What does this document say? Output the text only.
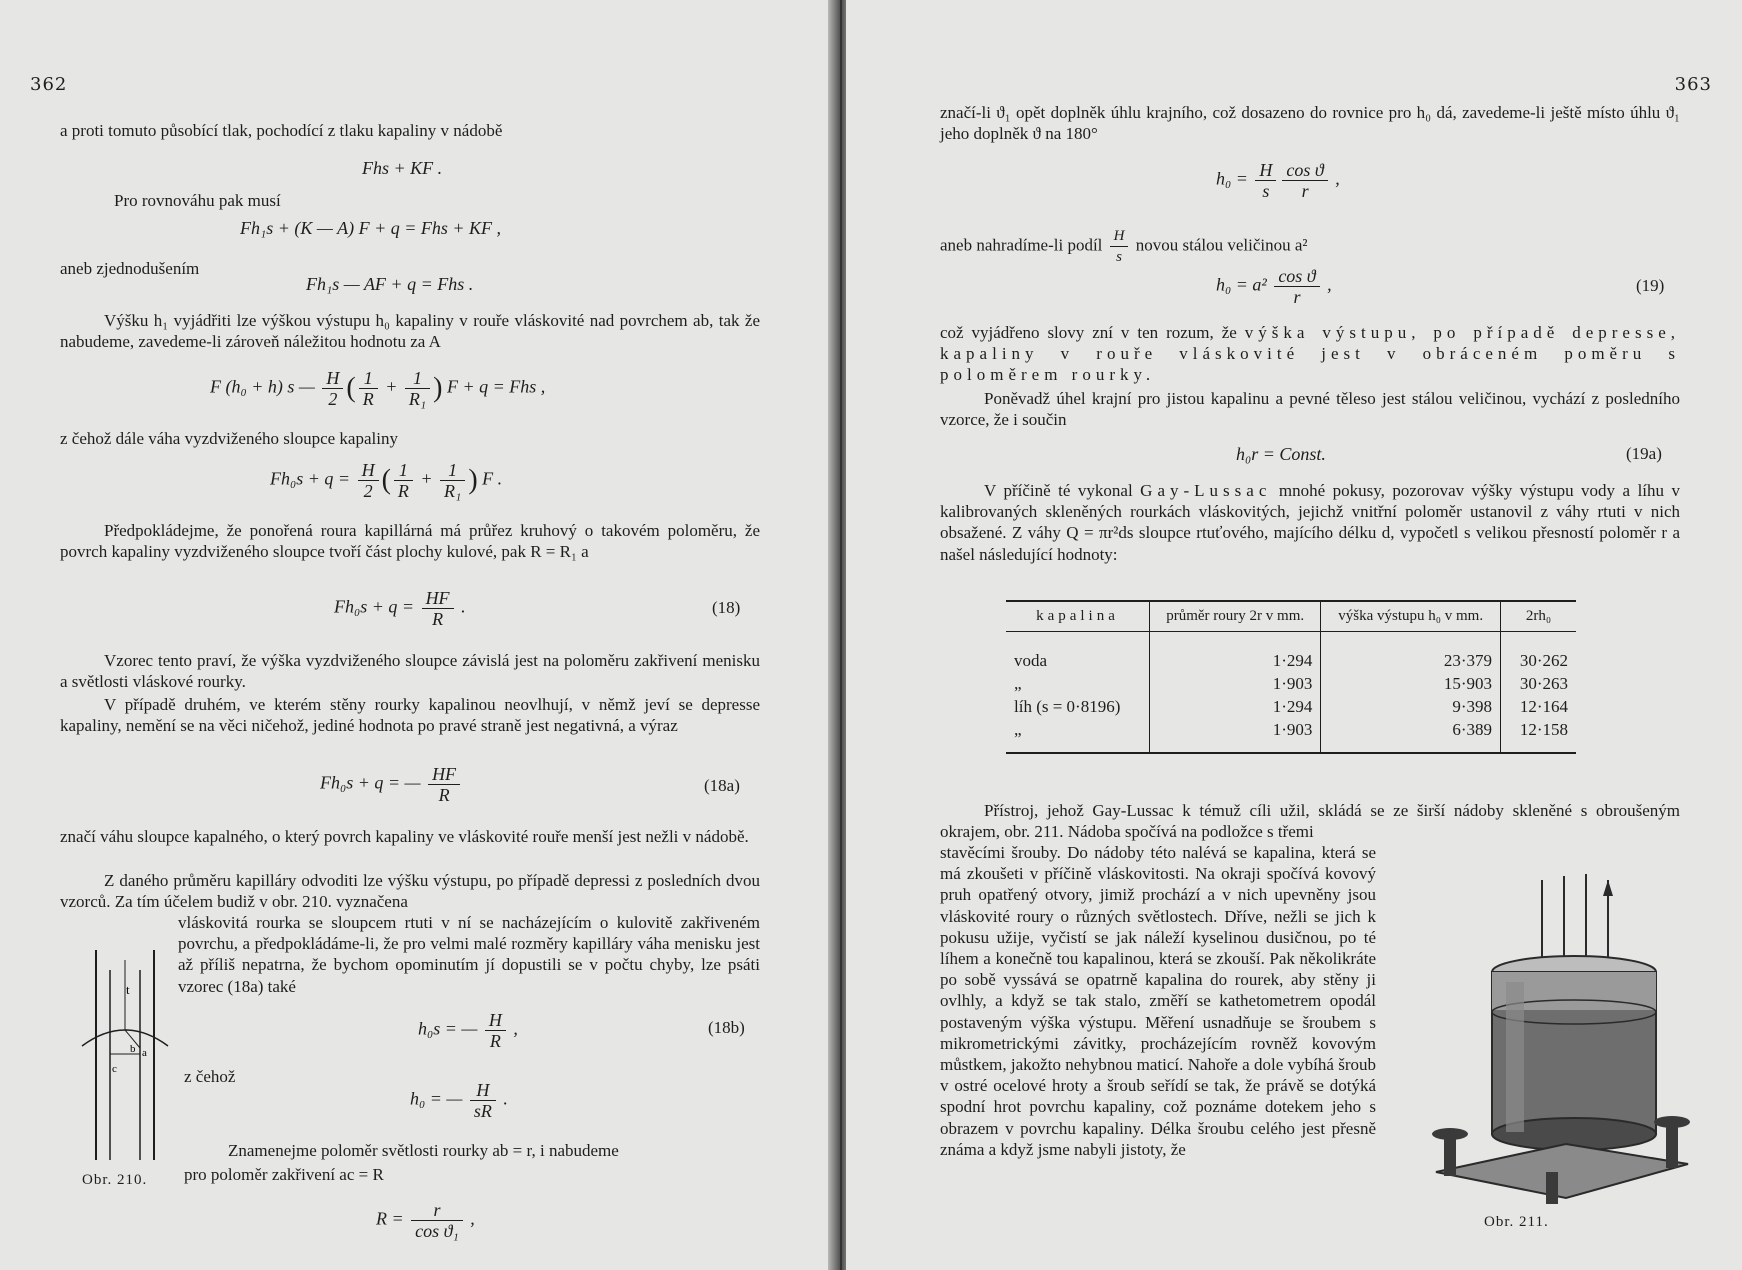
362
a proti tomuto působící tlak, pochodící z tlaku kapaliny v nádobě
Fhs + KF .
Pro rovnováhu pak musí
Fh₁s + (K — A) F + q = Fhs + KF ,
aneb zjednodušením
Fh₁s — AF + q = Fhs .
Výšku h₁ vyjádřiti lze výškou výstupu h₀ kapaliny v rouře vláskovité nad povrchem ab, tak že nabudeme, zavedeme-li zároveň náležitou hodnotu za A
F (h₀ + h) s — $\frac{H}{2}$ ( $\frac{1}{R} + \frac{1}{\text{R₁}}$ ) F + q = Fhs ,
z čehož dále váha vyzdviženého sloupce kapaliny
$Fh_0s + q = \frac{H}{2}$ ( $\frac{1}{R} + \frac{1}{\text{R₁}}$ ) F .
Předpokládejme, že ponořená roura kapillárná má průřez kruhový o takovém poloměru, že povrch kapaliny vyzdviženého sloupce tvoří část plochy kulové, pak R = R₁ a
$Fh_0s + q = \frac{HF}{R}$ .	(18)
Vzorec tento praví, že výška vyzdviženého sloupce závislá jest na poloměru zakřivení menisku a světlosti vláskové rourky.
V případě druhém, ve kterém stěny rourky kapalinou neovlhují, v němž jeví se depresse kapaliny, nemění se na věci ničehož, jediné hodnota po pravé straně jest negativná, a výraz
Fh₀s + q = — $\frac{HF}{R}$	(18a)
značí váhu sloupce kapalného, o který povrch kapaliny ve vláskovité rouře menší jest nežli v nádobě.
Z daného průměru kapilláry odvoditi lze výšku výstupu, po případě depressi z posledních dvou vzorců. Za tím účelem budiž v obr. 210. vyznačena
vláskovitá rourka se sloupcem rtuti v ní se nacházejícím o kulovitě zakřiveném povrchu, a předpokládáme-li, že pro velmi malé rozměry kapilláry váha menisku jest až příliš nepatrna, že bychom opominutím jí dopustili se v počtu chyby, lze psáti vzorec (18a) také
t
b
c
a
Obr. 210.
h₀s = — $\frac{H}{R}$ ,	(18b)
z čehož
h₀ = — $\frac{H}{sR}$ .
Znamenejme poloměr světlosti rourky ab = r, i nabudeme
pro poloměr zakřivení ac = R
$R = \frac{r}{\text{cos ϑ₁}}$ ,
363
značí-li ϑ₁ opět doplněk úhlu krajního, což dosazeno do rovnice pro h₀ dá, zavedeme-li ještě místo úhlu ϑ₁ jeho doplněk ϑ na 180°
$h_0 = \frac{H}{s} \frac{\text{cos ϑ}}{r}$ ,
aneb nahradíme-li podíl $\frac{H}{s}$ novou stálou veličinou a²
$h_0 = a^2 \frac{\text{cos ϑ}}{r}$ ,	(19)
což vyjádřeno slovy zní v ten rozum, že výška výstupu, po případě depresse, kapaliny v rouře vláskovité jest v obráceném poměru s poloměrem rourky.
Poněvadž úhel krajní pro jistou kapalinu a pevné těleso jest stálou veličinou, vychází z posledního vzorce, že i součin
h₀r = Const.	(19a)
V příčině té vykonal Gay-Lussac mnohé pokusy, pozorovav výšky výstupu vody a líhu v kalibrovaných skleněných rourkách vláskovitých, jejichž vnitřní poloměr ustanovil z váhy rtuti v nich obsažené. Z váhy Q = πr²ds sloupce rtuťového, majícího délku d, vypočetl s velikou přesností poloměr r a našel následující hodnoty:
Přístroj, jehož Gay-Lussac k témuž cíli užil, skládá se ze širší nádoby skleněné s obroušeným okrajem, obr. 211. Nádoba spočívá na podložce s třemi
stavěcími šrouby. Do nádoby této nalévá se kapalina, která se má zkoušeti v příčině vláskovitosti. Na okraji spočívá kovový pruh opatřený otvory, jimiž prochází a v nich upevněny jsou vláskovité roury o různých světlostech. Dříve, nežli se jich k pokusu užije, vyčistí se jak náleží kyselinou dusičnou, po té líhem a konečně tou kapalinou, která se zkouší. Pak několikráte po sobě vyssává se opatrně kapalina do rourek, aby stěny ji ovlhly, a když se tak stalo, změří se kathetometrem opodál postaveným výška výstupu. Měření usnadňuje se šroubem s mikrometrickými závitky, procházejícím rovněž kovovým můstkem, jakožto nehybnou maticí. Nahoře a dole vybíhá šroub v ostré ocelové hroty a šroub seřídí se tak, že právě se dotýká spodní hrot povrchu kapaliny, což poznáme dotekem jeho s obrazem v povrchu kapaliny. Délka šroubu celého jest přesně známa a když jsme nabyli jistoty, že
Obr. 211.
kapalina	průměr roury 2r v mm.	výška výstupu h₀ v mm.	2rh₀
voda	1·294	23·379	30·262
„	1·903	15·903	30·263
líh (s = 0·8196)	1·294	9·398	12·164
„	1·903	6·389	12·158
